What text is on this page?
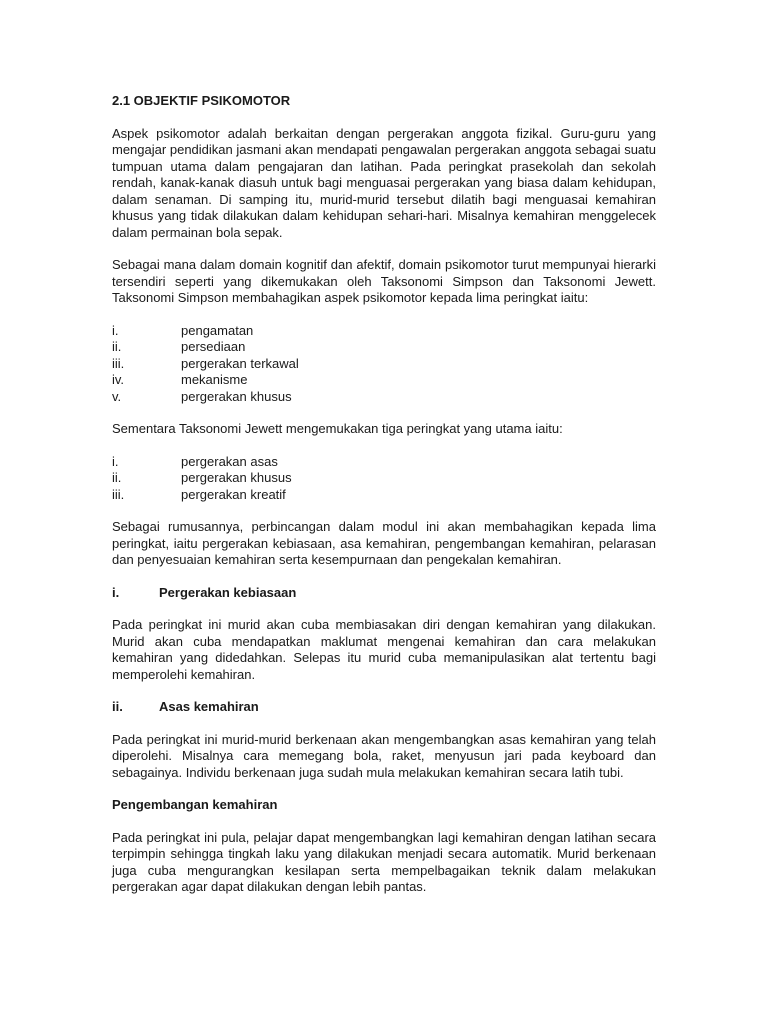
2.1 OBJEKTIF PSIKOMOTOR

Aspek psikomotor adalah berkaitan dengan pergerakan anggota fizikal. Guru-guru yang mengajar pendidikan jasmani akan mendapati pengawalan pergerakan anggota sebagai suatu tumpuan utama dalam pengajaran dan latihan. Pada peringkat prasekolah dan sekolah rendah, kanak-kanak diasuh untuk bagi menguasai pergerakan yang biasa dalam kehidupan, dalam senaman. Di samping itu, murid-murid tersebut dilatih bagi menguasai kemahiran khusus yang tidak dilakukan dalam kehidupan sehari-hari. Misalnya kemahiran menggelecek dalam permainan bola sepak.

Sebagai mana dalam domain kognitif dan afektif, domain psikomotor turut mempunyai hierarki tersendiri seperti yang dikemukakan oleh Taksonomi Simpson dan Taksonomi Jewett. Taksonomi Simpson membahagikan aspek psikomotor kepada lima peringkat iaitu:

i.	pengamatan
ii.	persediaan
iii.	pergerakan terkawal
iv.	mekanisme
v.	pergerakan khusus

Sementara Taksonomi Jewett mengemukakan tiga peringkat yang utama iaitu:

i.	pergerakan asas
ii.	pergerakan khusus
iii.	pergerakan kreatif

Sebagai rumusannya, perbincangan dalam modul ini akan membahagikan kepada lima peringkat, iaitu pergerakan kebiasaan, asa kemahiran, pengembangan kemahiran, pelarasan dan penyesuaian kemahiran serta kesempurnaan dan pengekalan kemahiran.

i.	Pergerakan kebiasaan

Pada peringkat ini murid akan cuba membiasakan diri dengan kemahiran yang dilakukan. Murid akan cuba mendapatkan maklumat mengenai kemahiran dan cara melakukan kemahiran yang didedahkan. Selepas itu murid cuba memanipulasikan alat tertentu bagi memperolehi kemahiran.

ii.	Asas kemahiran

Pada peringkat ini murid-murid berkenaan akan mengembangkan asas kemahiran yang telah diperolehi. Misalnya cara memegang bola, raket, menyusun jari pada keyboard dan sebagainya. Individu berkenaan juga sudah mula melakukan kemahiran secara latih tubi.

Pengembangan kemahiran

Pada peringkat ini pula, pelajar dapat mengembangkan lagi kemahiran dengan latihan secara terpimpin sehingga tingkah laku yang dilakukan menjadi secara automatik. Murid berkenaan juga cuba mengurangkan kesilapan serta mempelbagaikan teknik dalam melakukan pergerakan agar dapat dilakukan dengan lebih pantas.
